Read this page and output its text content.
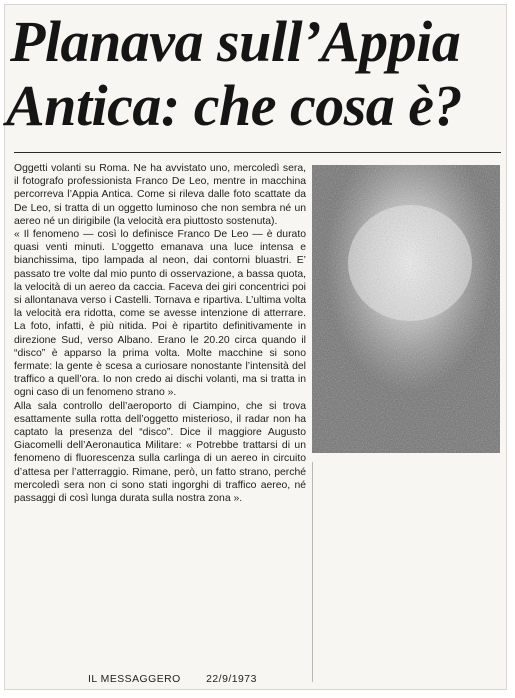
Planava sull’Appia
Antica: che cosa è?

Oggetti volanti su Roma. Ne ha avvistato uno, mercoledì sera, il fotografo professionista Franco De Leo, mentre in macchina percorreva l’Appia Antica. Come si rileva dalle foto scattate da De Leo, si tratta di un oggetto luminoso che non sembra né un aereo né un dirigibile (la velocità era piuttosto sostenuta).

« Il fenomeno — così lo definisce Franco De Leo — è durato quasi venti minuti. L’oggetto emanava una luce intensa e bianchissima, tipo lampada al neon, dai contorni bluastri. E’ passato tre volte dal mio punto di osservazione, a bassa quota, la velocità di un aereo da caccia. Faceva dei giri concentrici poi si allontanava verso i Castelli. Tornava e ripartiva. L’ultima volta la velocità era ridotta, come se avesse intenzione di atterrare. La foto, infatti, è più nitida. Poi è ripartito definitivamente in direzione Sud, verso Albano. Erano le 20.20 circa quando il “disco” è apparso la prima volta. Molte macchine si sono fermate: la gente è scesa a curiosare nonostante l’intensità del traffico a quell’ora. Io non credo ai dischi volanti, ma si tratta in ogni caso di un fenomeno strano ».

Alla sala controllo dell’aeroporto di Ciampino, che si trova esattamente sulla rotta dell’oggetto misterioso, il radar non ha captato la presenza del “disco”. Dice il maggiore Augusto Giacomelli dell’Aeronautica Militare: « Potrebbe trattarsi di un fenomeno di fluorescenza sulla carlinga di un aereo in circuito d’attesa per l’atterraggio. Rimane, però, un fatto strano, perché mercoledì sera non ci sono stati ingorghi di traffico aereo, né passaggi di così lunga durata sulla nostra zona ».

IL MESSAGGERO 22/9/1973
